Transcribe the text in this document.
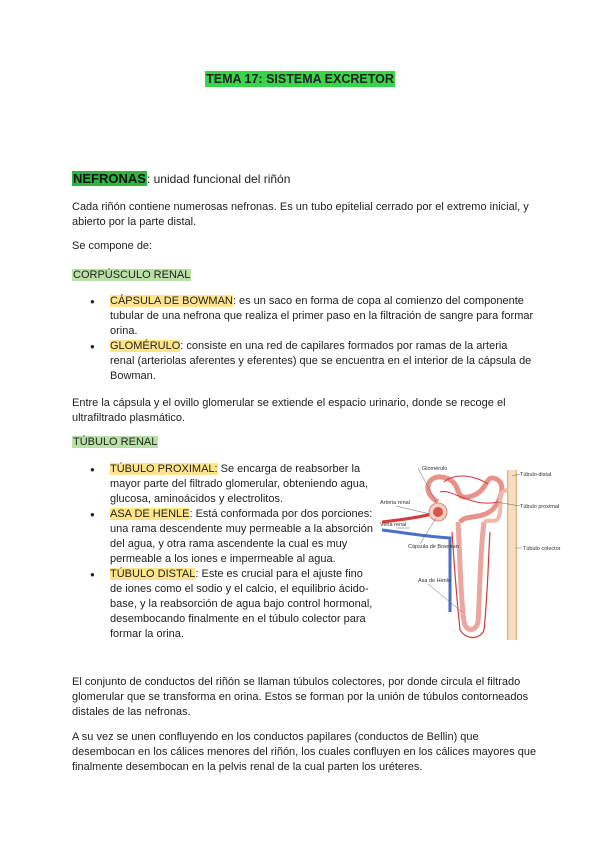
TEMA 17: SISTEMA EXCRETOR
NEFRONAS: unidad funcional del riñón

Cada riñón contiene numerosas nefronas. Es un tubo epitelial cerrado por el extremo inicial, y abierto por la parte distal.

Se compone de:

CORPÚSCULO RENAL
● CÁPSULA DE BOWMAN: es un saco en forma de copa al comienzo del componente tubular de una nefrona que realiza el primer paso en la filtración de sangre para formar orina.
● GLOMÉRULO: consiste en una red de capilares formados por ramas de la arteria renal (arteriolas aferentes y eferentes) que se encuentra en el interior de la cápsula de Bowman.

Entre la cápsula y el ovillo glomerular se extiende el espacio urinario, donde se recoge el ultrafiltrado plasmático.

TÚBULO RENAL
● TÚBULO PROXIMAL: Se encarga de reabsorber la mayor parte del filtrado glomerular, obteniendo agua, glucosa, aminoácidos y electrolitos.
● ASA DE HENLE: Está conformada por dos porciones: una rama descendente muy permeable a la absorción del agua, y otra rama ascendente la cual es muy permeable a los iones e impermeable al agua.
● TÚBULO DISTAL: Este es crucial para el ajuste fino de iones como el sodio y el calcio, el equilibrio ácido-base, y la reabsorción de agua bajo control hormonal, desembocando finalmente en el túbulo colector para formar la orina.
Glomérulo
Arteria renal
Vena renal
Cápsula de Bowman
Asa de Henle
Túbulo distal
Túbulo proximal
Túbulo colector

El conjunto de conductos del riñón se llaman túbulos colectores, por donde circula el filtrado glomerular que se transforma en orina. Estos se forman por la unión de túbulos contorneados distales de las nefronas.

A su vez se unen confluyendo en los conductos papilares (conductos de Bellin) que desembocan en los cálices menores del riñón, los cuales confluyen en los cálices mayores que finalmente desembocan en la pelvis renal de la cual parten los uréteres.
